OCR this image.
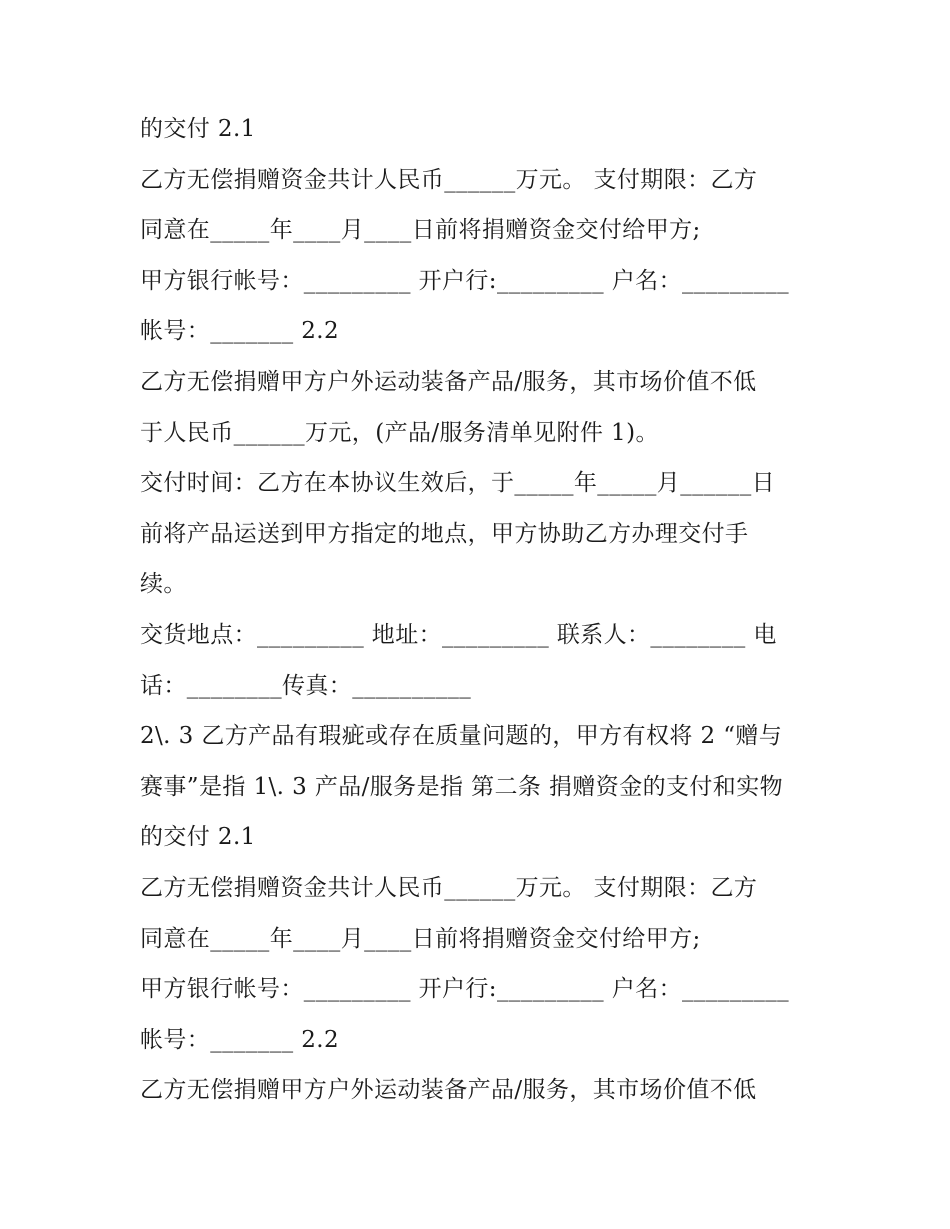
的交付 2.1
乙方无偿捐赠资金共计人民币______万元。 支付期限：乙方
同意在_____年____月____日前将捐赠资金交付给甲方;
甲方银行帐号：_________ 开户行:_________ 户名：_________
帐号：_______ 2.2
乙方无偿捐赠甲方户外运动装备产品/服务，其市场价值不低
于人民币______万元，(产品/服务清单见附件 1)。
交付时间：乙方在本协议生效后，于_____年_____月______日
前将产品运送到甲方指定的地点，甲方协助乙方办理交付手
续。
交货地点：_________ 地址：_________ 联系人：________ 电
话：________传真：__________
2\. 3 乙方产品有瑕疵或存在质量问题的，甲方有权将 2 “赠与
赛事”是指 1\. 3 产品/服务是指 第二条 捐赠资金的支付和实物
的交付 2.1
乙方无偿捐赠资金共计人民币______万元。 支付期限：乙方
同意在_____年____月____日前将捐赠资金交付给甲方;
甲方银行帐号：_________ 开户行:_________ 户名：_________
帐号：_______ 2.2
乙方无偿捐赠甲方户外运动装备产品/服务，其市场价值不低
